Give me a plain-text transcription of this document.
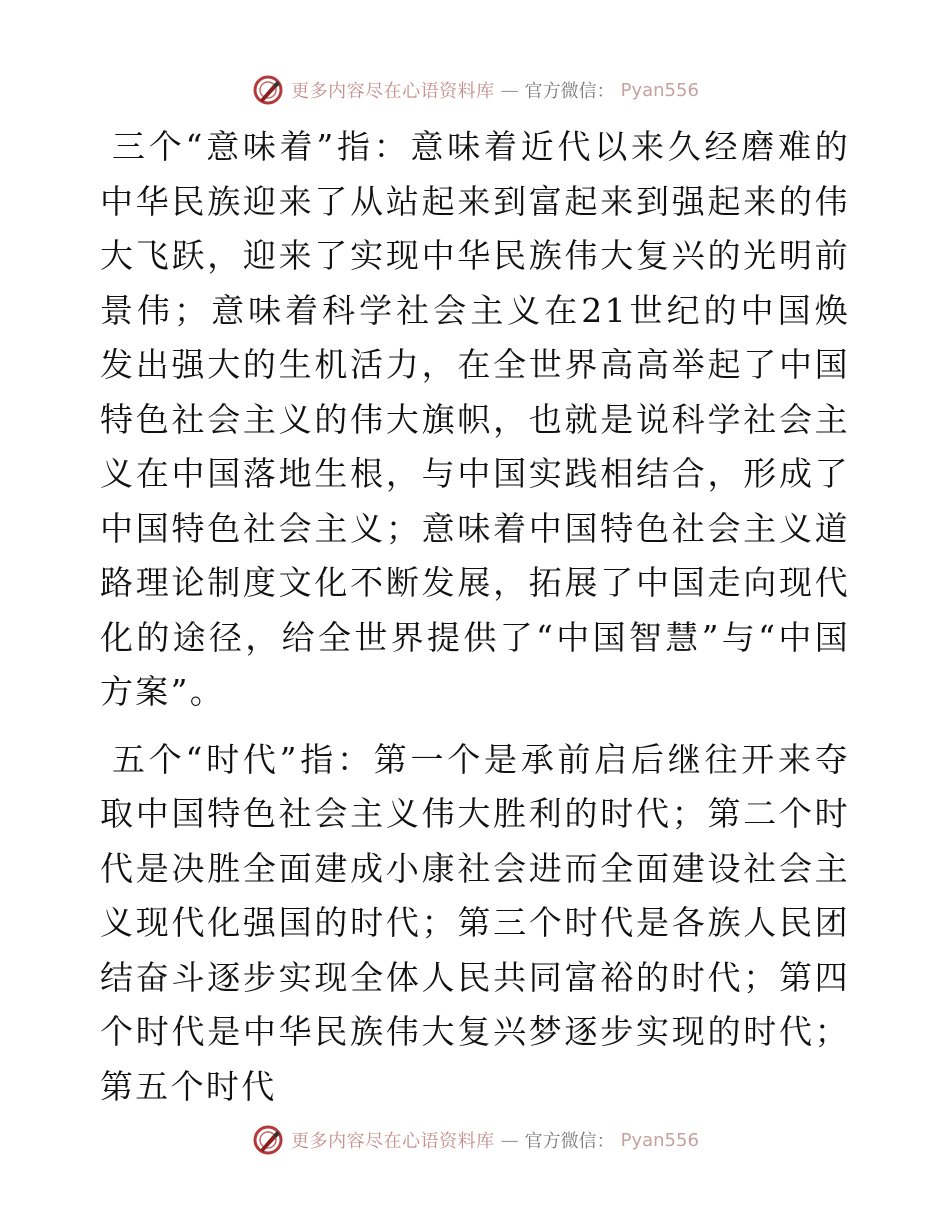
更多内容尽在心语资料库 — 官方微信： Pyan556

三个“意味着”指：意味着近代以来久经磨难的中华民族迎来了从站起来到富起来到强起来的伟大飞跃，迎来了实现中华民族伟大复兴的光明前景伟；意味着科学社会主义在21世纪的中国焕发出强大的生机活力，在全世界高高举起了中国特色社会主义的伟大旗帜，也就是说科学社会主义在中国落地生根，与中国实践相结合，形成了中国特色社会主义；意味着中国特色社会主义道路理论制度文化不断发展，拓展了中国走向现代化的途径，给全世界提供了“中国智慧”与“中国方案”。

五个“时代”指：第一个是承前启后继往开来夺取中国特色社会主义伟大胜利的时代；第二个时代是决胜全面建成小康社会进而全面建设社会主义现代化强国的时代；第三个时代是各族人民团结奋斗逐步实现全体人民共同富裕的时代；第四个时代是中华民族伟大复兴梦逐步实现的时代；第五个时代

更多内容尽在心语资料库 — 官方微信： Pyan556
